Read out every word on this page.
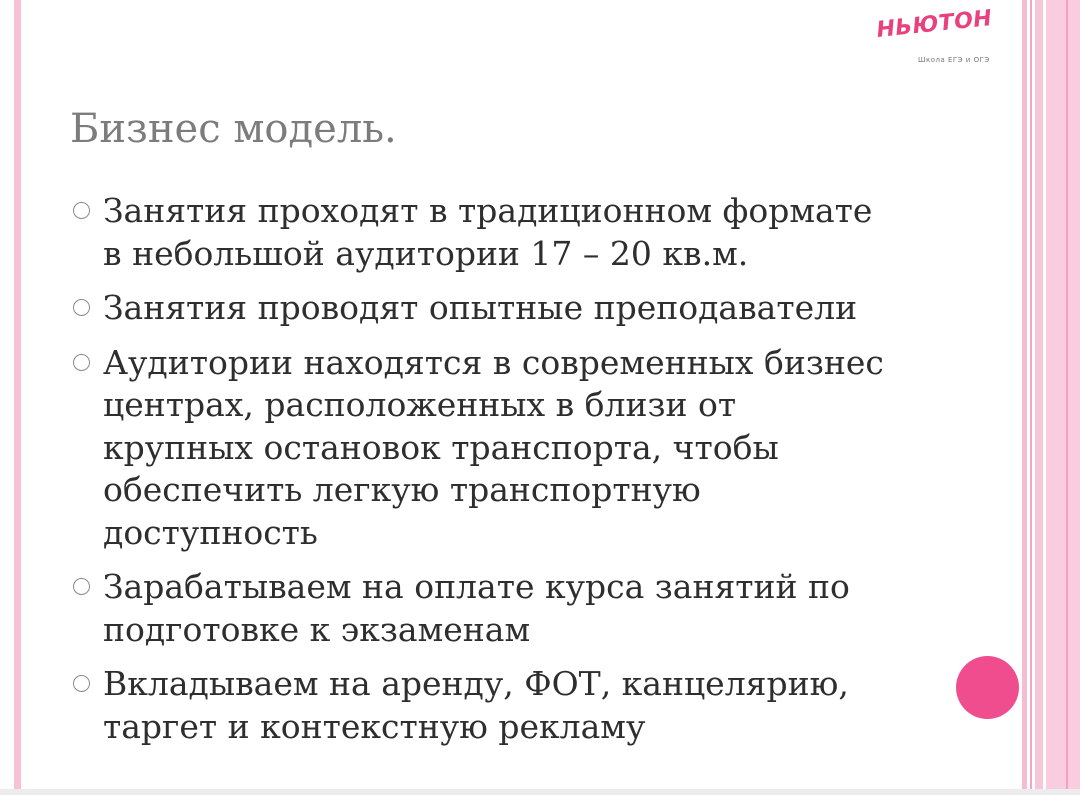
НЬЮТОН
Школа ЕГЭ и ОГЭ
Бизнес модель.
Занятия проходят в традиционном формате
в небольшой аудитории 17 – 20 кв.м.
Занятия проводят опытные преподаватели
Аудитории находятся в современных бизнес
центрах, расположенных в близи от
крупных остановок транспорта, чтобы
обеспечить легкую транспортную
доступность
Зарабатываем на оплате курса занятий по
подготовке к экзаменам
Вкладываем на аренду, ФОТ, канцелярию,
таргет и контекстную рекламу
